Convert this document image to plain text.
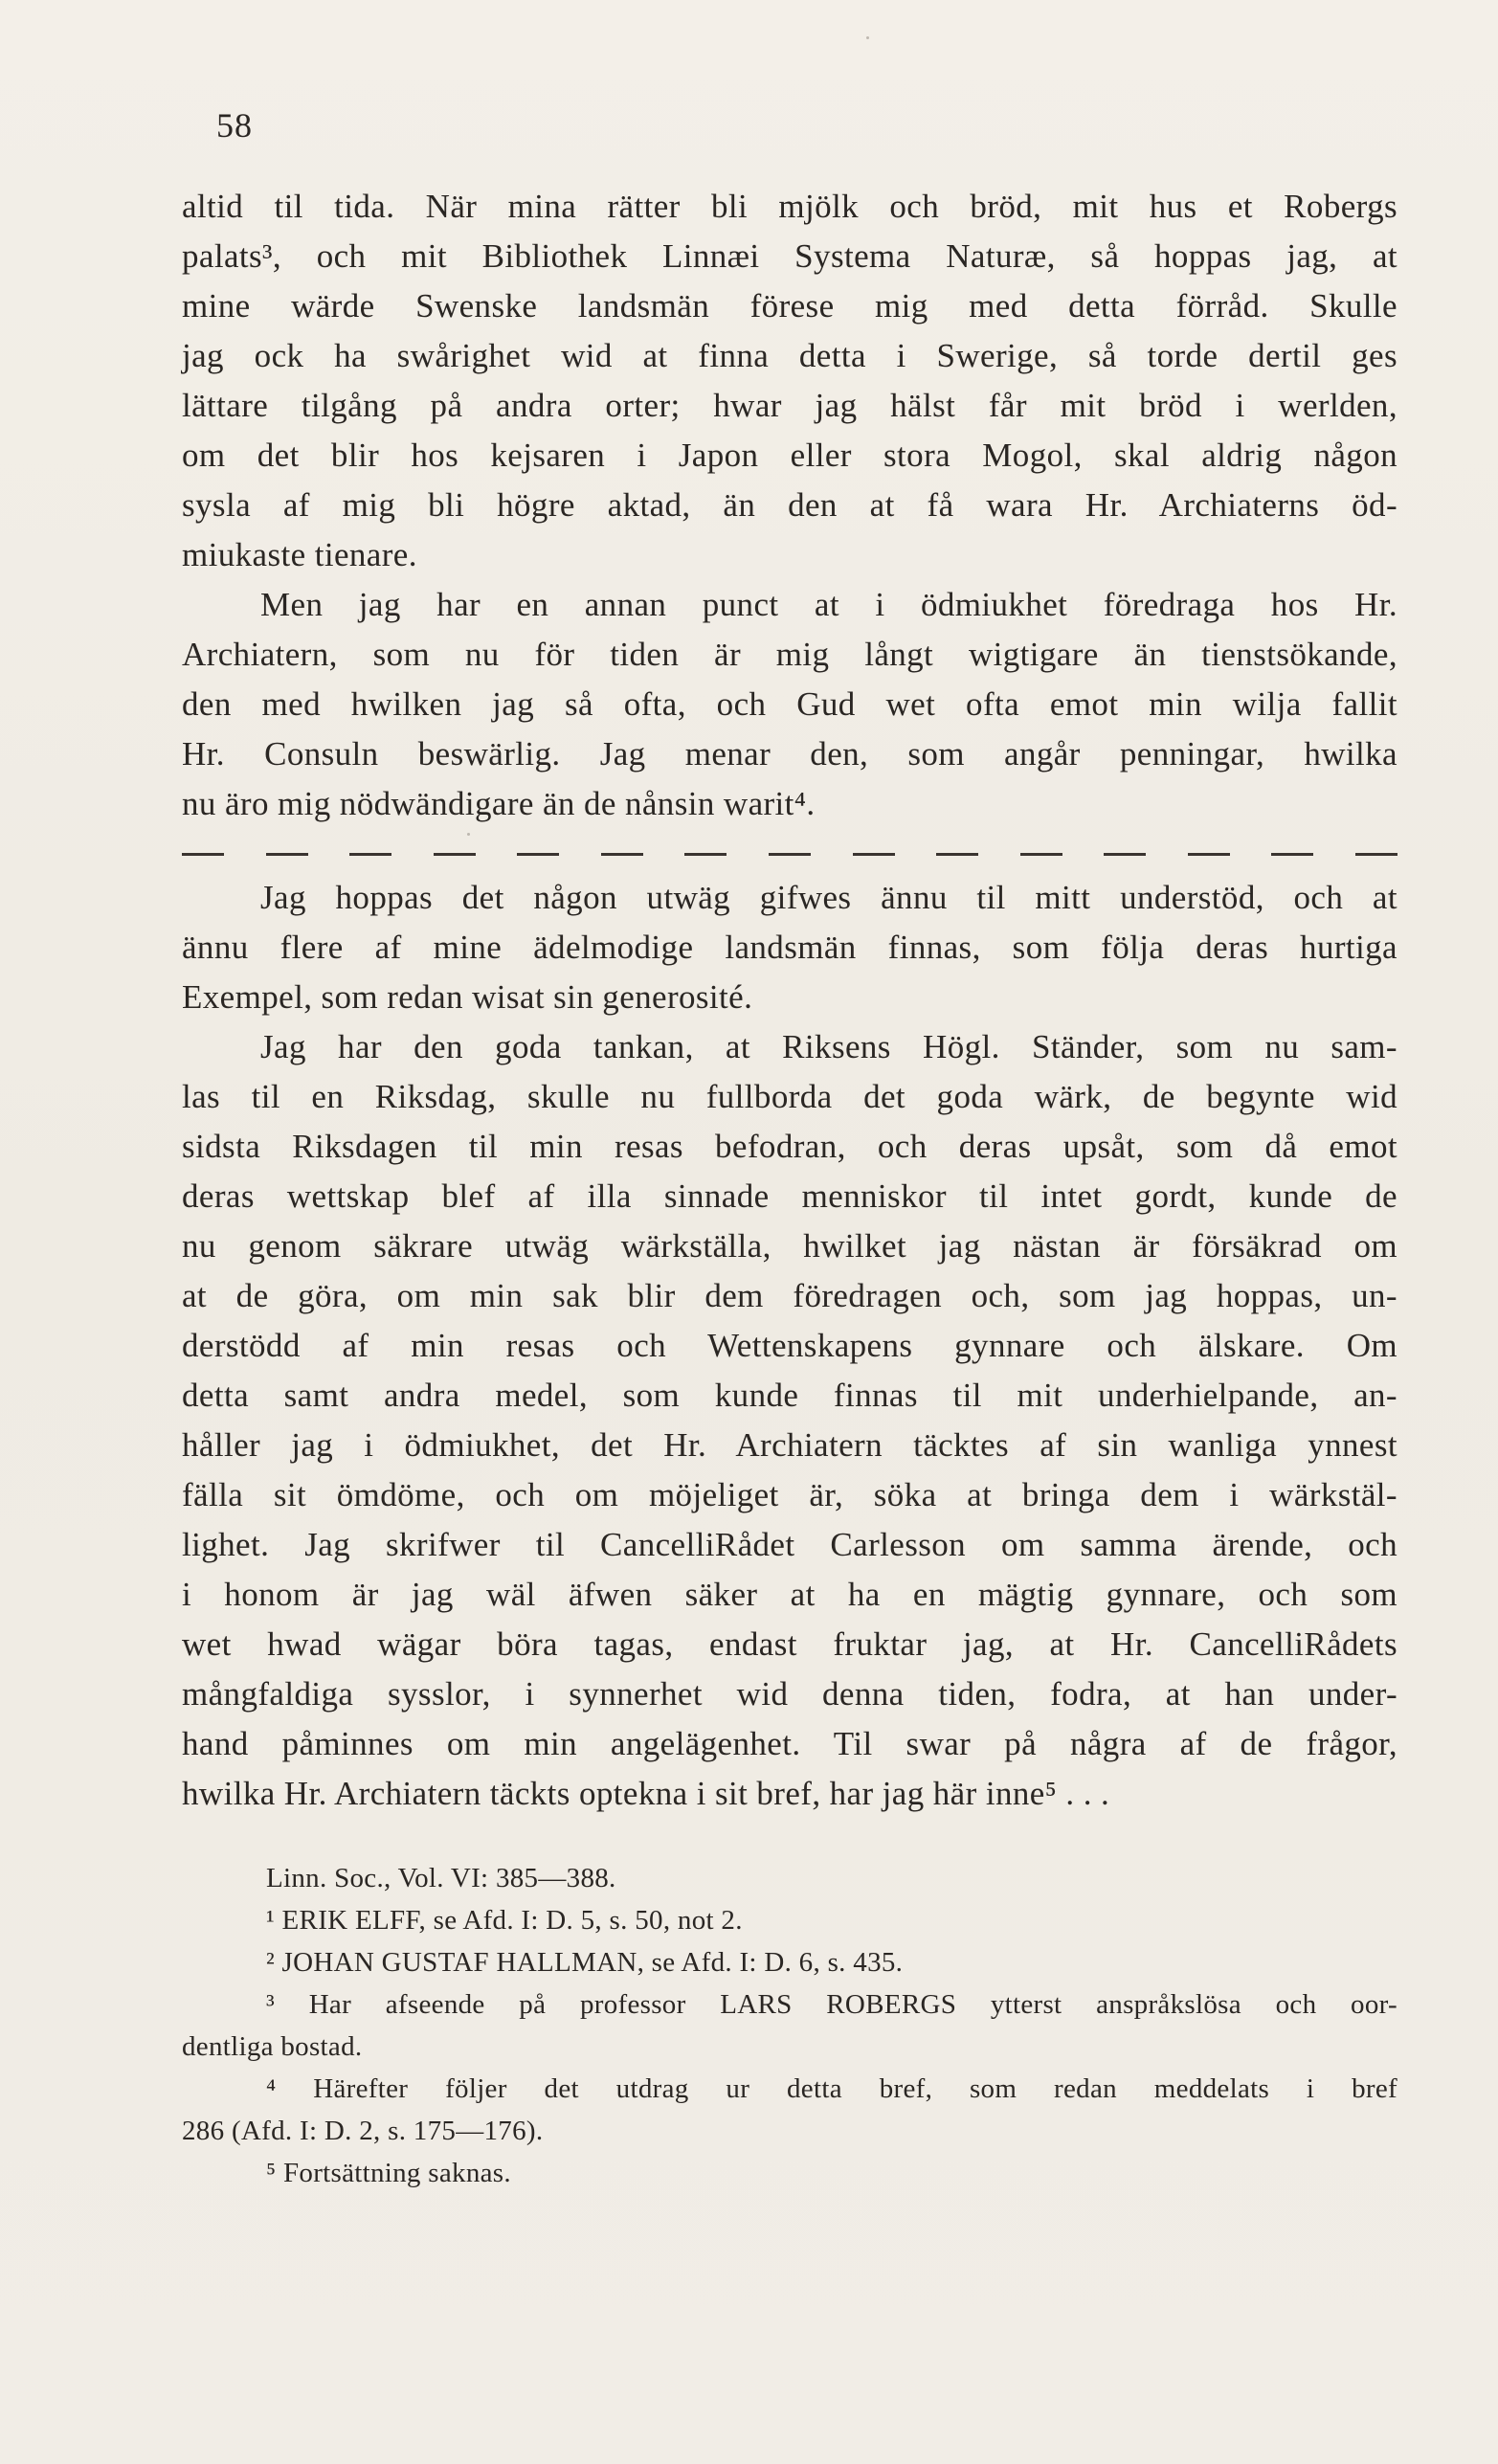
58
altid til tida. När mina rätter bli mjölk och bröd, mit hus et Robergs
palats³, och mit Bibliothek Linnæi Systema Naturæ, så hoppas jag, at
mine wärde Swenske landsmän förese mig med detta förråd. Skulle
jag ock ha swårighet wid at finna detta i Swerige, så torde dertil ges
lättare tilgång på andra orter; hwar jag hälst får mit bröd i werlden,
om det blir hos kejsaren i Japon eller stora Mogol, skal aldrig någon
sysla af mig bli högre aktad, än den at få wara Hr. Archiaterns öd-
miukaste tienare.
Men jag har en annan punct at i ödmiukhet föredraga hos Hr.
Archiatern, som nu för tiden är mig långt wigtigare än tienstsökande,
den med hwilken jag så ofta, och Gud wet ofta emot min wilja fallit
Hr. Consuln beswärlig. Jag menar den, som angår penningar, hwilka
nu äro mig nödwändigare än de nånsin warit⁴.
Jag hoppas det någon utwäg gifwes ännu til mitt understöd, och at
ännu flere af mine ädelmodige landsmän finnas, som följa deras hurtiga
Exempel, som redan wisat sin generosité.
Jag har den goda tankan, at Riksens Högl. Ständer, som nu sam-
las til en Riksdag, skulle nu fullborda det goda wärk, de begynte wid
sidsta Riksdagen til min resas befodran, och deras upsåt, som då emot
deras wettskap blef af illa sinnade menniskor til intet gordt, kunde de
nu genom säkrare utwäg wärkställa, hwilket jag nästan är försäkrad om
at de göra, om min sak blir dem föredragen och, som jag hoppas, un-
derstödd af min resas och Wettenskapens gynnare och älskare. Om
detta samt andra medel, som kunde finnas til mit underhielpande, an-
håller jag i ödmiukhet, det Hr. Archiatern täcktes af sin wanliga ynnest
fälla sit ömdöme, och om möjeliget är, söka at bringa dem i wärkstäl-
lighet. Jag skrifwer til CancelliRådet Carlesson om samma ärende, och
i honom är jag wäl äfwen säker at ha en mägtig gynnare, och som
wet hwad wägar böra tagas, endast fruktar jag, at Hr. CancelliRådets
mångfaldiga sysslor, i synnerhet wid denna tiden, fodra, at han under-
hand påminnes om min angelägenhet. Til swar på några af de frågor,
hwilka Hr. Archiatern täckts optekna i sit bref, har jag här inne⁵ . . .
Linn. Soc., Vol. VI: 385—388.
¹ ERIK ELFF, se Afd. I: D. 5, s. 50, not 2.
² JOHAN GUSTAF HALLMAN, se Afd. I: D. 6, s. 435.
³ Har afseende på professor LARS ROBERGS ytterst anspråkslösa och oor-
dentliga bostad.
⁴ Härefter följer det utdrag ur detta bref, som redan meddelats i bref
286 (Afd. I: D. 2, s. 175—176).
⁵ Fortsättning saknas.
